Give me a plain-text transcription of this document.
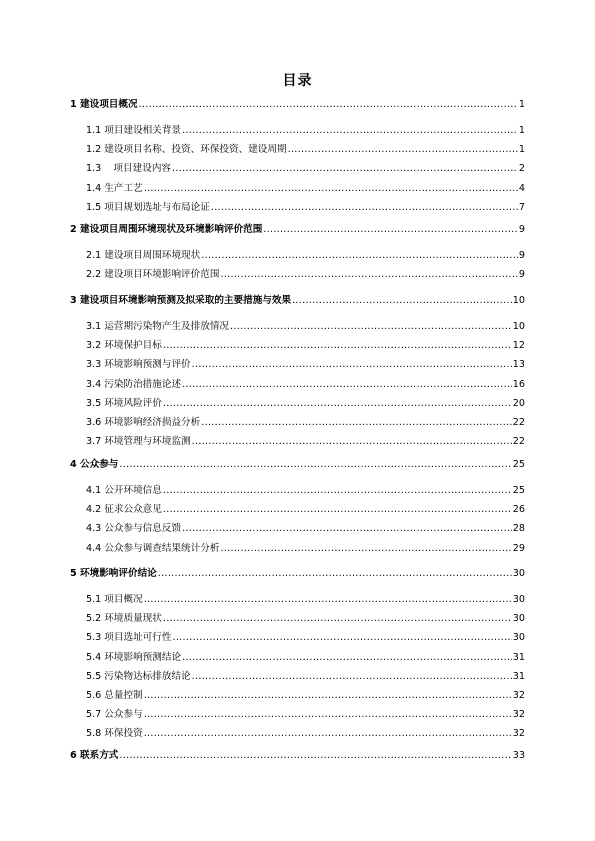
目录
1 建设项目概况 .....	1
1.1 项目建设相关背景 .....	1
1.2 建设项目名称、投资、环保投资、建设周期 .....	1
1.3    项目建设内容 .....	2
1.4 生产工艺 .....	4
1.5 项目规划选址与布局论证 .....	7
2 建设项目周围环境现状及环境影响评价范围 .....	9
2.1 建设项目周围环境现状 .....	9
2.2 建设项目环境影响评价范围 .....	9
3 建设项目环境影响预测及拟采取的主要措施与效果 .....	10
3.1 运营期污染物产生及排放情况 .....	10
3.2 环境保护目标 .....	12
3.3 环境影响预测与评价 .....	13
3.4 污染防治措施论述 .....	16
3.5 环境风险评价 .....	20
3.6 环境影响经济损益分析 .....	22
3.7 环境管理与环境监测 .....	22
4 公众参与 .....	25
4.1 公开环境信息 .....	25
4.2 征求公众意见 .....	26
4.3 公众参与信息反馈 .....	28
4.4 公众参与调查结果统计分析 .....	29
5 环境影响评价结论 .....	30
5.1 项目概况 .....	30
5.2 环境质量现状 .....	30
5.3 项目选址可行性 .....	30
5.4 环境影响预测结论 .....	31
5.5 污染物达标排放结论 .....	31
5.6 总量控制 .....	32
5.7 公众参与 .....	32
5.8 环保投资 .....	32
6 联系方式 .....	33
